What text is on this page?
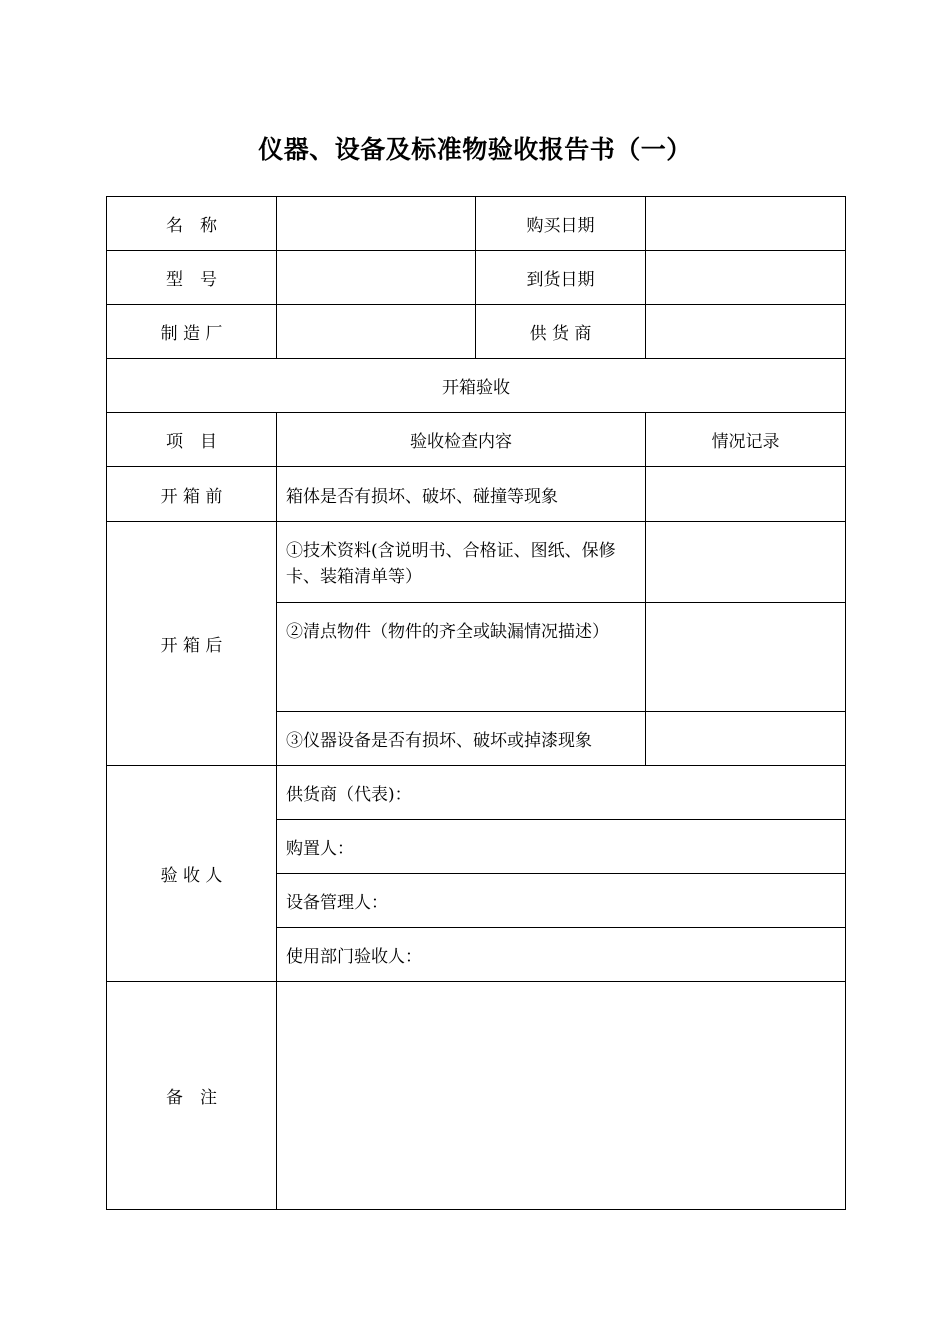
仪器、设备及标准物验收报告书（一）
名　称		购买日期	
型　号		到货日期	
制 造 厂		供 货 商	
开箱验收			
项　目	验收检查内容		情况记录
开 箱 前	箱体是否有损坏、破坏、碰撞等现象		
开 箱 后	①技术资料(含说明书、合格证、图纸、保修卡、装箱清单等）		
	②清点物件（物件的齐全或缺漏情况描述）		
	③仪器设备是否有损坏、破坏或掉漆现象		
验 收 人	供货商（代表)：		
	购置人：		
	设备管理人：		
	使用部门验收人：		
备　注			
